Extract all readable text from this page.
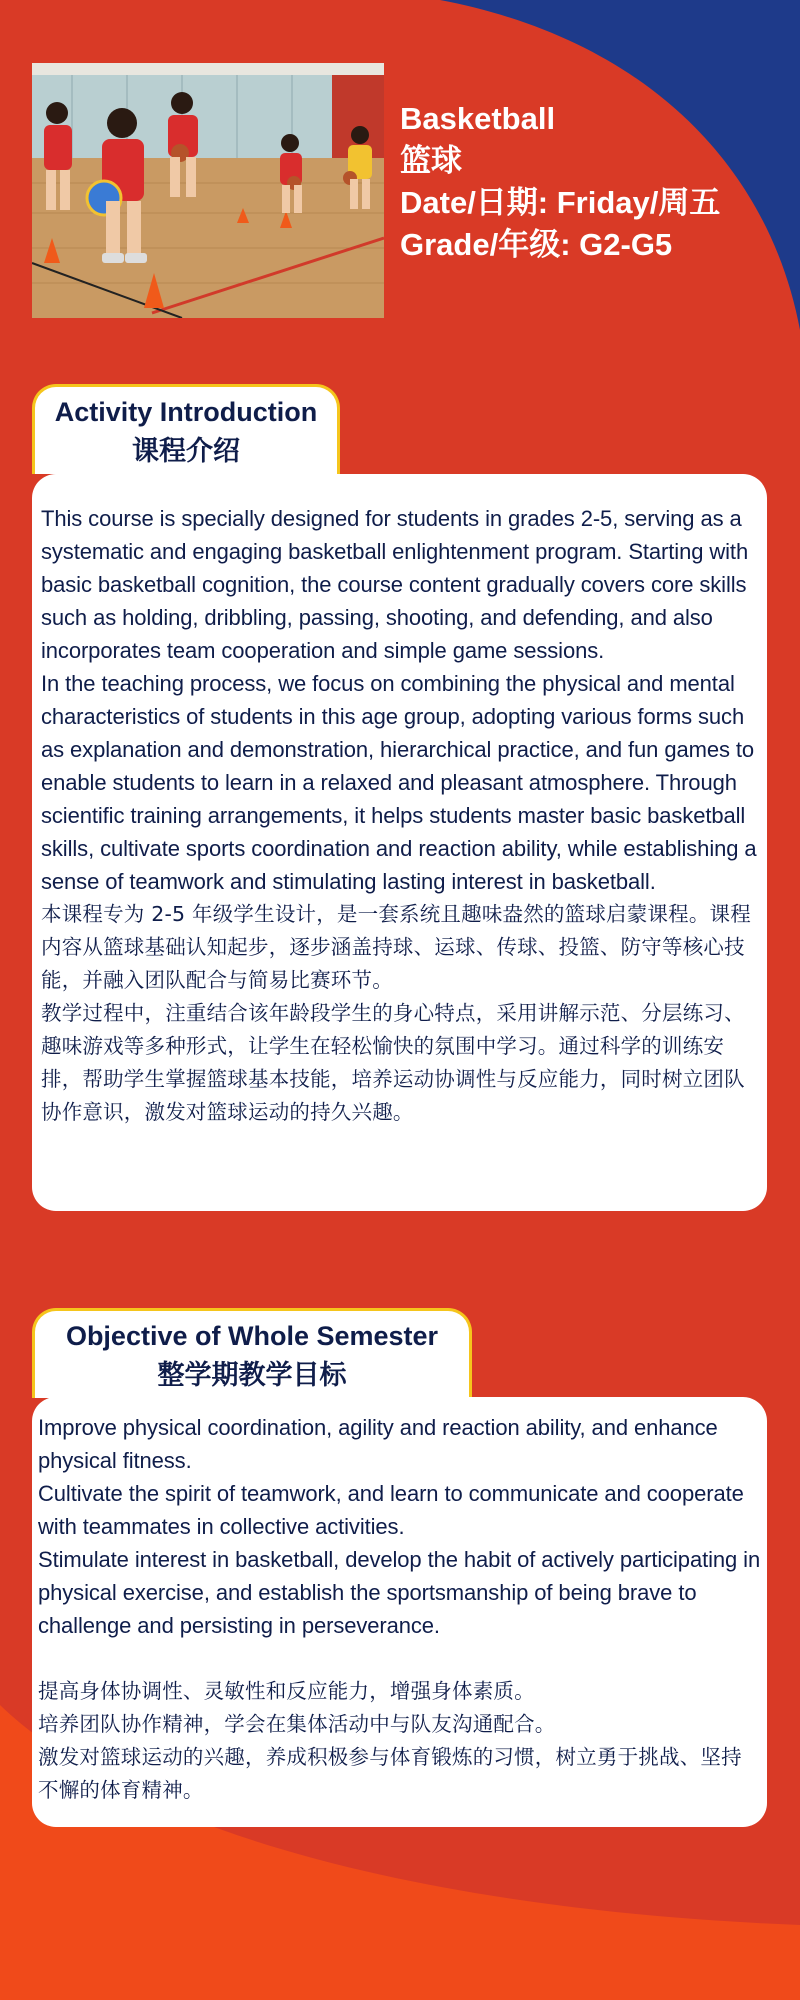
Basketball
篮球
Date/日期: Friday/周五
Grade/年级: G2-G5
Activity Introduction
课程介绍

This course is specially designed for students in grades 2-5, serving as a systematic and engaging basketball enlightenment program. Starting with basic basketball cognition, the course content gradually covers core skills such as holding, dribbling, passing, shooting, and defending, and also incorporates team cooperation and simple game sessions.

In the teaching process, we focus on combining the physical and mental characteristics of students in this age group, adopting various forms such as explanation and demonstration, hierarchical practice, and fun games to enable students to learn in a relaxed and pleasant atmosphere. Through scientific training arrangements, it helps students master basic basketball skills, cultivate sports coordination and reaction ability, while establishing a sense of teamwork and stimulating lasting interest in basketball.

本课程专为 2-5 年级学生设计，是一套系统且趣味盎然的篮球启蒙课程。课程内容从篮球基础认知起步，逐步涵盖持球、运球、传球、投篮、防守等核心技能，并融入团队配合与简易比赛环节。

教学过程中，注重结合该年龄段学生的身心特点，采用讲解示范、分层练习、趣味游戏等多种形式，让学生在轻松愉快的氛围中学习。通过科学的训练安排，帮助学生掌握篮球基本技能，培养运动协调性与反应能力，同时树立团队协作意识，激发对篮球运动的持久兴趣。

Objective of Whole Semester
整学期教学目标

Improve physical coordination, agility and reaction ability, and enhance physical fitness.

Cultivate the spirit of teamwork, and learn to communicate and cooperate with teammates in collective activities.

Stimulate interest in basketball, develop the habit of actively participating in physical exercise, and establish the sportsmanship of being brave to challenge and persisting in perseverance.

提高身体协调性、灵敏性和反应能力，增强身体素质。

培养团队协作精神，学会在集体活动中与队友沟通配合。

激发对篮球运动的兴趣，养成积极参与体育锻炼的习惯，树立勇于挑战、坚持不懈的体育精神。
